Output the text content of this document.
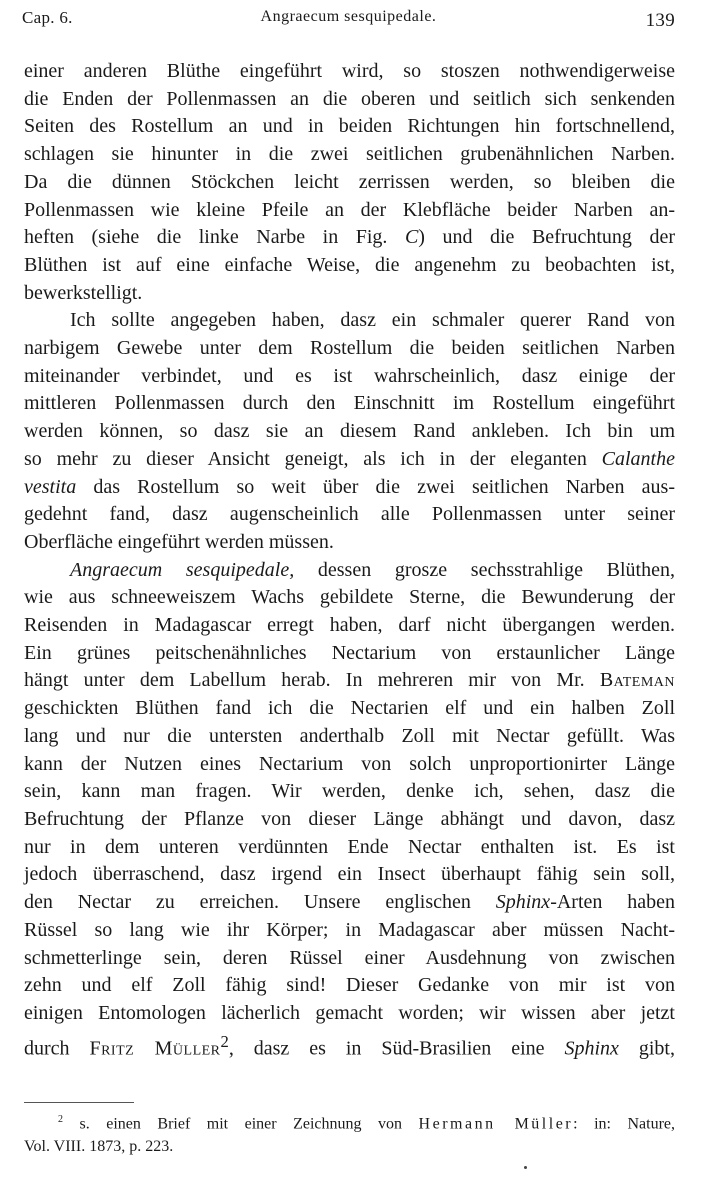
Cap. 6.	Angraecum sesquipedale.	139

einer anderen Blüthe eingeführt wird, so stoszen nothwendigerweise
die Enden der Pollenmassen an die oberen und seitlich sich senkenden
Seiten des Rostellum an und in beiden Richtungen hin fortschnellend,
schlagen sie hinunter in die zwei seitlichen grubenähnlichen Narben.
Da die dünnen Stöckchen leicht zerrissen werden, so bleiben die
Pollenmassen wie kleine Pfeile an der Klebfläche beider Narben an-
heften (siehe die linke Narbe in Fig. C) und die Befruchtung der
Blüthen ist auf eine einfache Weise, die angenehm zu beobachten ist,
bewerkstelligt.

Ich sollte angegeben haben, dasz ein schmaler querer Rand von
narbigem Gewebe unter dem Rostellum die beiden seitlichen Narben
miteinander verbindet, und es ist wahrscheinlich, dasz einige der
mittleren Pollenmassen durch den Einschnitt im Rostellum eingeführt
werden können, so dasz sie an diesem Rand ankleben. Ich bin um
so mehr zu dieser Ansicht geneigt, als ich in der eleganten Calanthe
vestita das Rostellum so weit über die zwei seitlichen Narben aus-
gedehnt fand, dasz augenscheinlich alle Pollenmassen unter seiner
Oberfläche eingeführt werden müssen.

Angraecum sesquipedale, dessen grosze sechsstrahlige Blüthen,
wie aus schneeweiszem Wachs gebildete Sterne, die Bewunderung der
Reisenden in Madagascar erregt haben, darf nicht übergangen werden.
Ein grünes peitschenähnliches Nectarium von erstaunlicher Länge
hängt unter dem Labellum herab. In mehreren mir von Mr. Bateman
geschickten Blüthen fand ich die Nectarien elf und ein halben Zoll
lang und nur die untersten anderthalb Zoll mit Nectar gefüllt. Was
kann der Nutzen eines Nectarium von solch unproportionirter Länge
sein, kann man fragen. Wir werden, denke ich, sehen, dasz die
Befruchtung der Pflanze von dieser Länge abhängt und davon, dasz
nur in dem unteren verdünnten Ende Nectar enthalten ist. Es ist
jedoch überraschend, dasz irgend ein Insect überhaupt fähig sein soll,
den Nectar zu erreichen. Unsere englischen Sphinx-Arten haben
Rüssel so lang wie ihr Körper; in Madagascar aber müssen Nacht-
schmetterlinge sein, deren Rüssel einer Ausdehnung von zwischen
zehn und elf Zoll fähig sind! Dieser Gedanke von mir ist von
einigen Entomologen lächerlich gemacht worden; wir wissen aber jetzt
durch Fritz Müller$^2$, dasz es in Süd-Brasilien eine Sphinx gibt,

$^2$ s. einen Brief mit einer Zeichnung von Hermann Müller: in: Nature,
Vol. VIII. 1873, p. 223.
